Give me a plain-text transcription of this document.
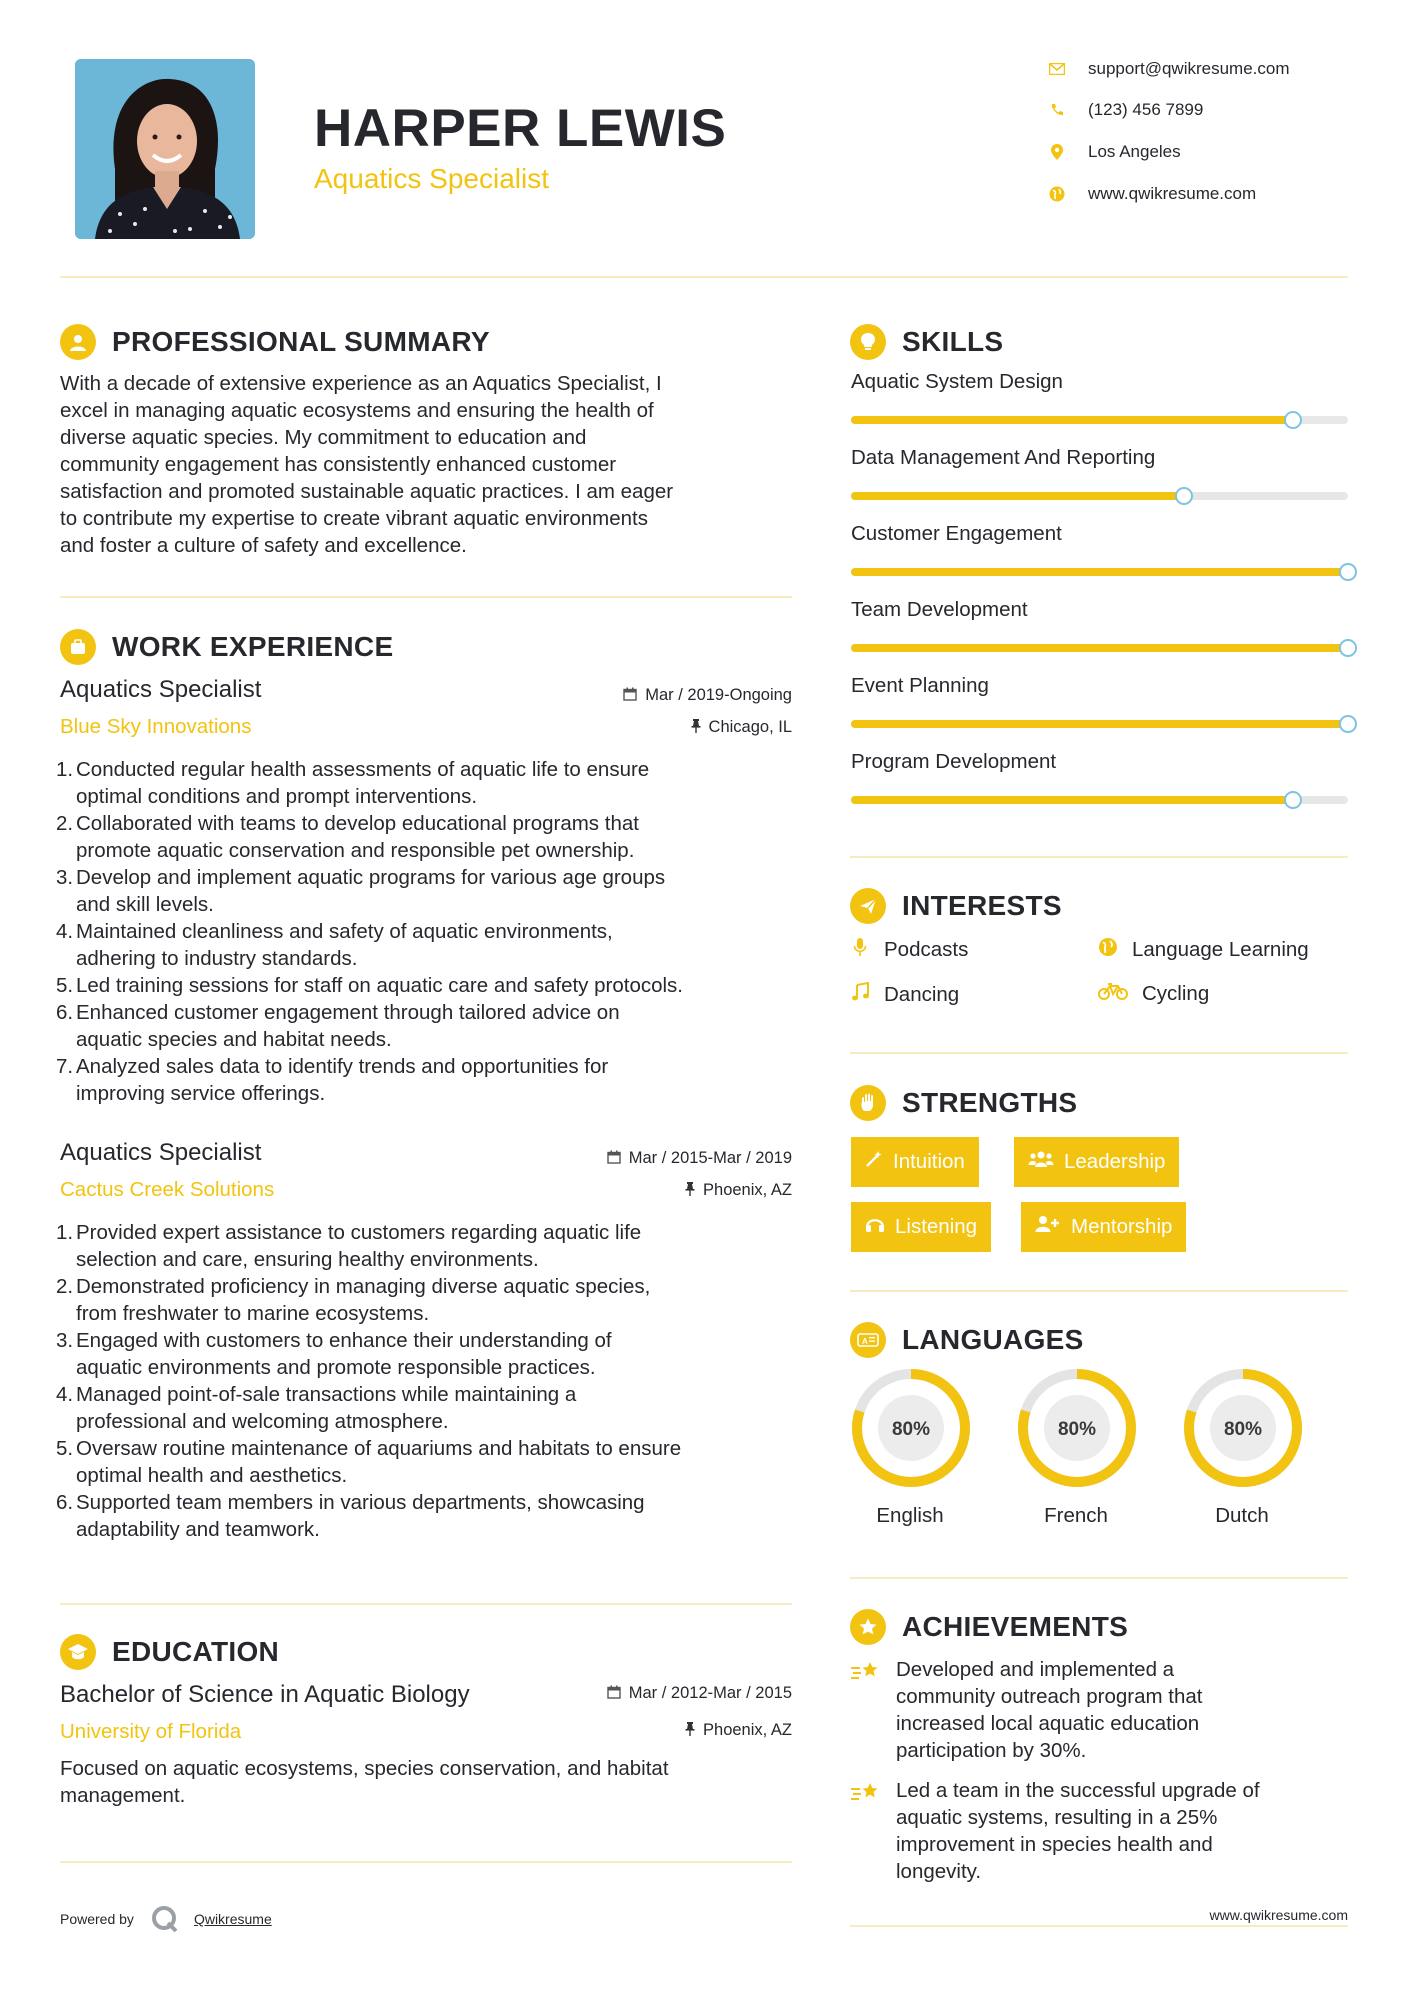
HARPER LEWIS
Aquatics Specialist
support@qwikresume.com
(123) 456 7899
Los Angeles
www.qwikresume.com
PROFESSIONAL SUMMARY
With a decade of extensive experience as an Aquatics Specialist, I
excel in managing aquatic ecosystems and ensuring the health of
diverse aquatic species. My commitment to education and
community engagement has consistently enhanced customer
satisfaction and promoted sustainable aquatic practices. I am eager
to contribute my expertise to create vibrant aquatic environments
and foster a culture of safety and excellence.
WORK EXPERIENCE
Aquatics Specialist	Mar / 2019-Ongoing
Blue Sky Innovations	Chicago, IL
1. Conducted regular health assessments of aquatic life to ensure
optimal conditions and prompt interventions.
2. Collaborated with teams to develop educational programs that
promote aquatic conservation and responsible pet ownership.
3. Develop and implement aquatic programs for various age groups
and skill levels.
4. Maintained cleanliness and safety of aquatic environments,
adhering to industry standards.
5. Led training sessions for staff on aquatic care and safety protocols.
6. Enhanced customer engagement through tailored advice on
aquatic species and habitat needs.
7. Analyzed sales data to identify trends and opportunities for
improving service offerings.
Aquatics Specialist	Mar / 2015-Mar / 2019
Cactus Creek Solutions	Phoenix, AZ
1. Provided expert assistance to customers regarding aquatic life
selection and care, ensuring healthy environments.
2. Demonstrated proficiency in managing diverse aquatic species,
from freshwater to marine ecosystems.
3. Engaged with customers to enhance their understanding of
aquatic environments and promote responsible practices.
4. Managed point-of-sale transactions while maintaining a
professional and welcoming atmosphere.
5. Oversaw routine maintenance of aquariums and habitats to ensure
optimal health and aesthetics.
6. Supported team members in various departments, showcasing
adaptability and teamwork.
EDUCATION
Bachelor of Science in Aquatic Biology	Mar / 2012-Mar / 2015
University of Florida	Phoenix, AZ
Focused on aquatic ecosystems, species conservation, and habitat
management.
Powered by	Qwikresume
SKILLS
Aquatic System Design
Data Management And Reporting
Customer Engagement
Team Development
Event Planning
Program Development
INTERESTS
Podcasts	Language Learning
Dancing	Cycling
STRENGTHS
Intuition	Leadership
Listening	Mentorship
A LANGUAGES
80%
English
80%
French
80%
Dutch
ACHIEVEMENTS
Developed and implemented a
community outreach program that
increased local aquatic education
participation by 30%.
Led a team in the successful upgrade of
aquatic systems, resulting in a 25%
improvement in species health and
longevity.
www.qwikresume.com
